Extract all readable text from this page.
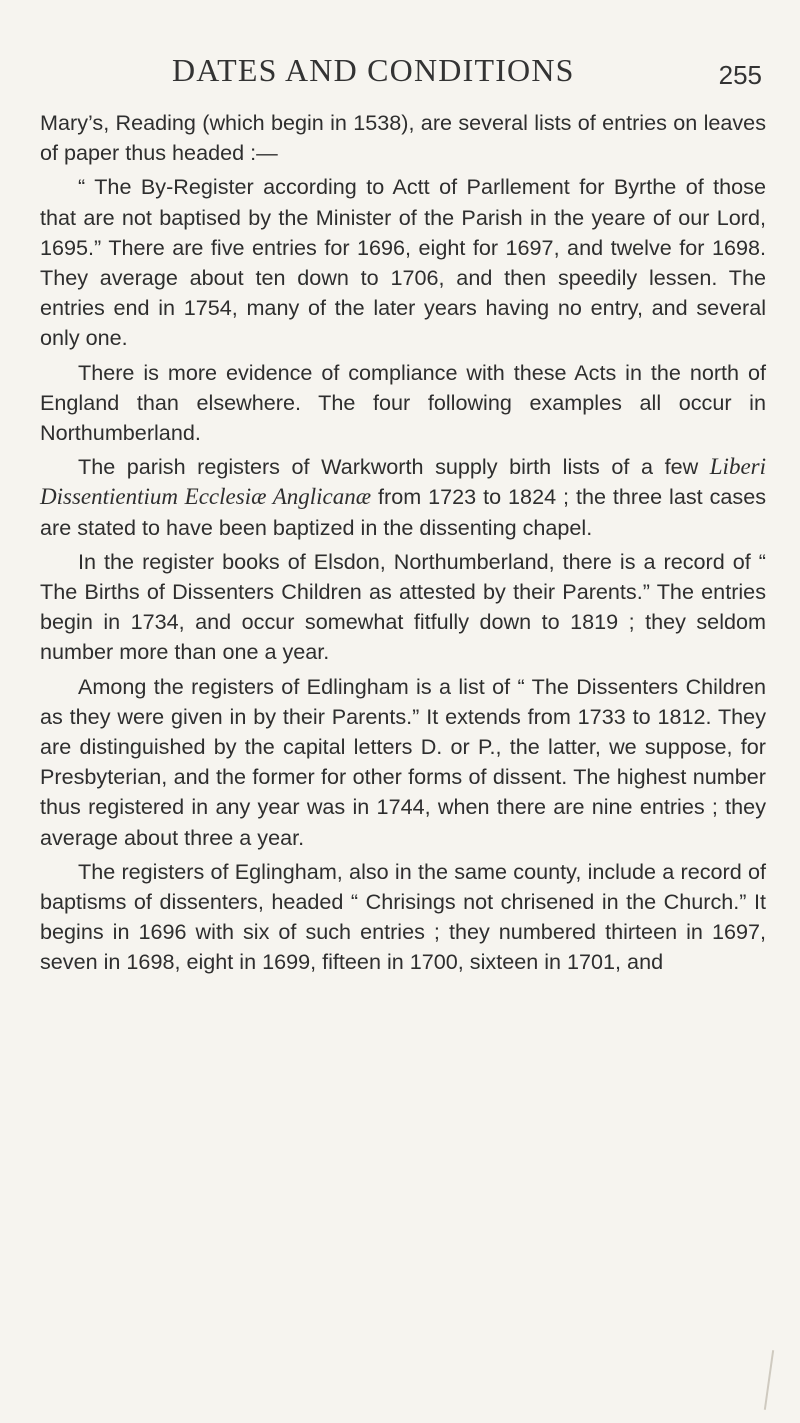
DATES AND CONDITIONS	255

Mary’s, Reading (which begin in 1538), are several lists of entries on leaves of paper thus headed :—

“ The By-Register according to Actt of Parllement for Byrthe of those that are not baptised by the Minister of the Parish in the yeare of our Lord, 1695.” There are five entries for 1696, eight for 1697, and twelve for 1698. They average about ten down to 1706, and then speedily lessen. The entries end in 1754, many of the later years having no entry, and several only one.

There is more evidence of compliance with these Acts in the north of England than elsewhere. The four following examples all occur in Northumberland.

The parish registers of Warkworth supply birth lists of a few Liberi Dissentientium Ecclesiæ Anglicanæ from 1723 to 1824 ; the three last cases are stated to have been baptized in the dissenting chapel.

In the register books of Elsdon, Northumberland, there is a record of “ The Births of Dissenters Children as attested by their Parents.” The entries begin in 1734, and occur somewhat fitfully down to 1819 ; they seldom number more than one a year.

Among the registers of Edlingham is a list of “ The Dissenters Children as they were given in by their Parents.” It extends from 1733 to 1812. They are distinguished by the capital letters D. or P., the latter, we suppose, for Presbyterian, and the former for other forms of dissent. The highest number thus registered in any year was in 1744, when there are nine entries ; they average about three a year.

The registers of Eglingham, also in the same county, include a record of baptisms of dissenters, headed “ Chrisings not chrisened in the Church.” It begins in 1696 with six of such entries ; they numbered thirteen in 1697, seven in 1698, eight in 1699, fifteen in 1700, sixteen in 1701, and
